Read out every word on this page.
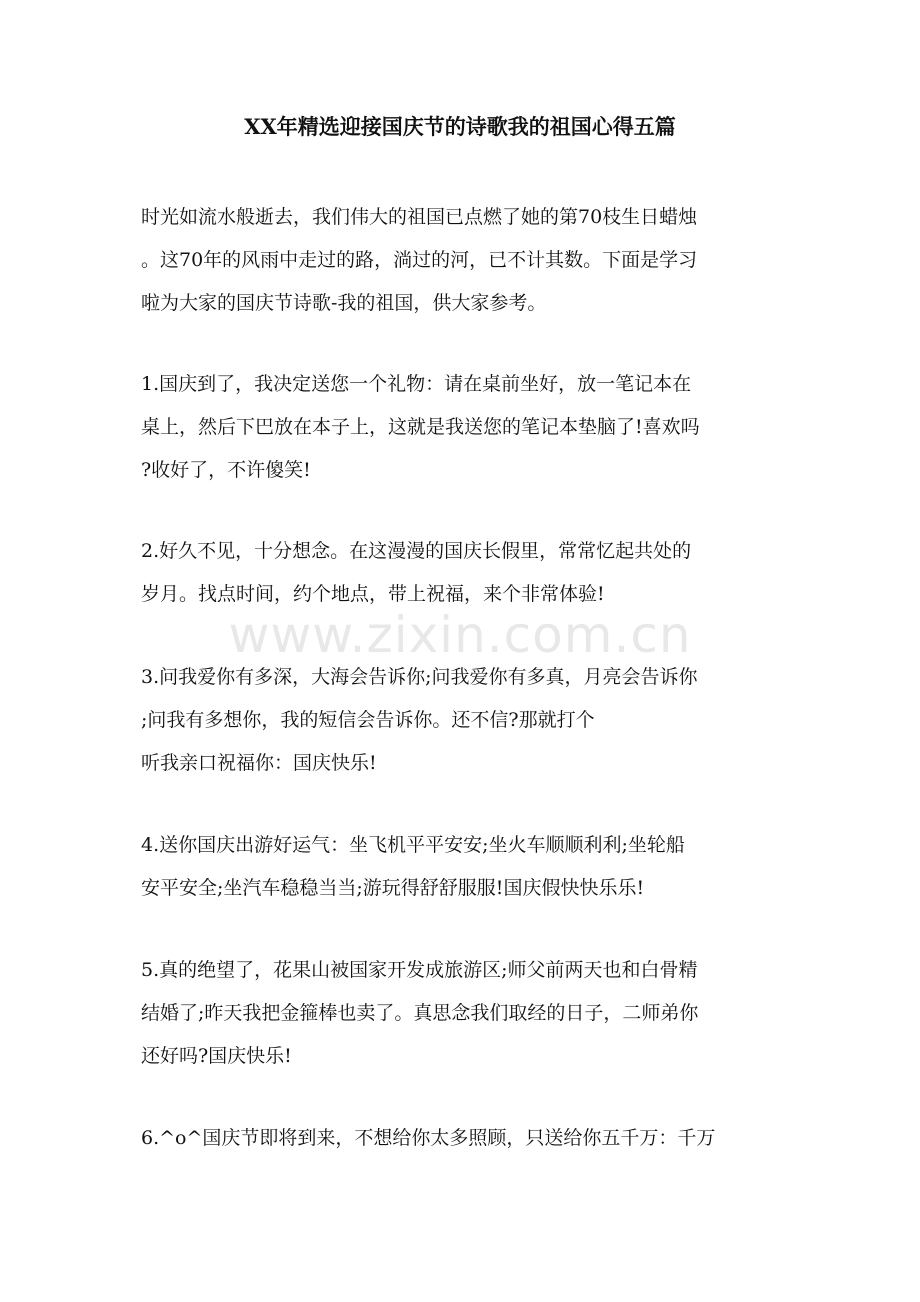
XX年精选迎接国庆节的诗歌我的祖国心得五篇
时光如流水般逝去，我们伟大的祖国已点燃了她的第70枝生日蜡烛
。这70年的风雨中走过的路，淌过的河，已不计其数。下面是学习
啦为大家的国庆节诗歌-我的祖国，供大家参考。
1.国庆到了，我决定送您一个礼物：请在桌前坐好，放一笔记本在
桌上，然后下巴放在本子上，这就是我送您的笔记本垫脑了!喜欢吗
?收好了，不许傻笑!
2.好久不见，十分想念。在这漫漫的国庆长假里，常常忆起共处的
岁月。找点时间，约个地点，带上祝福，来个非常体验!
3.问我爱你有多深，大海会告诉你;问我爱你有多真，月亮会告诉你
;问我有多想你，我的短信会告诉你。还不信?那就打个
听我亲口祝福你：国庆快乐!
4.送你国庆出游好运气：坐飞机平平安安;坐火车顺顺利利;坐轮船
安平安全;坐汽车稳稳当当;游玩得舒舒服服!国庆假快快乐乐!
5.真的绝望了，花果山被国家开发成旅游区;师父前两天也和白骨精
结婚了;昨天我把金箍棒也卖了。真思念我们取经的日子，二师弟你
还好吗?国庆快乐!
6.^o^国庆节即将到来，不想给你太多照顾，只送给你五千万：千万
www.zixin.com.cn
